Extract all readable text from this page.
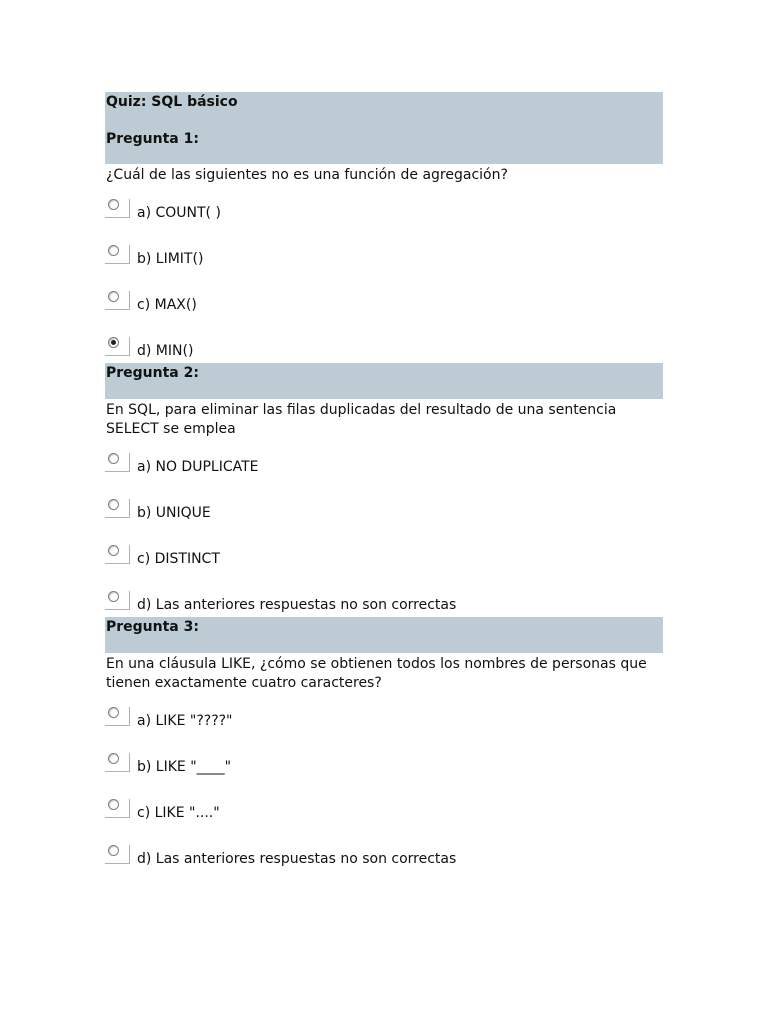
Quiz: SQL básico
Pregunta 1:
¿Cuál de las siguientes no es una función de agregación?
a) COUNT( )
b) LIMIT()
c) MAX()
d) MIN()
Pregunta 2:
En SQL, para eliminar las filas duplicadas del resultado de una sentencia SELECT se emplea
a) NO DUPLICATE
b) UNIQUE
c) DISTINCT
d) Las anteriores respuestas no son correctas
Pregunta 3:
En una cláusula LIKE, ¿cómo se obtienen todos los nombres de personas que tienen exactamente cuatro caracteres?
a) LIKE "????"
b) LIKE "____"
c) LIKE "...."
d) Las anteriores respuestas no son correctas
